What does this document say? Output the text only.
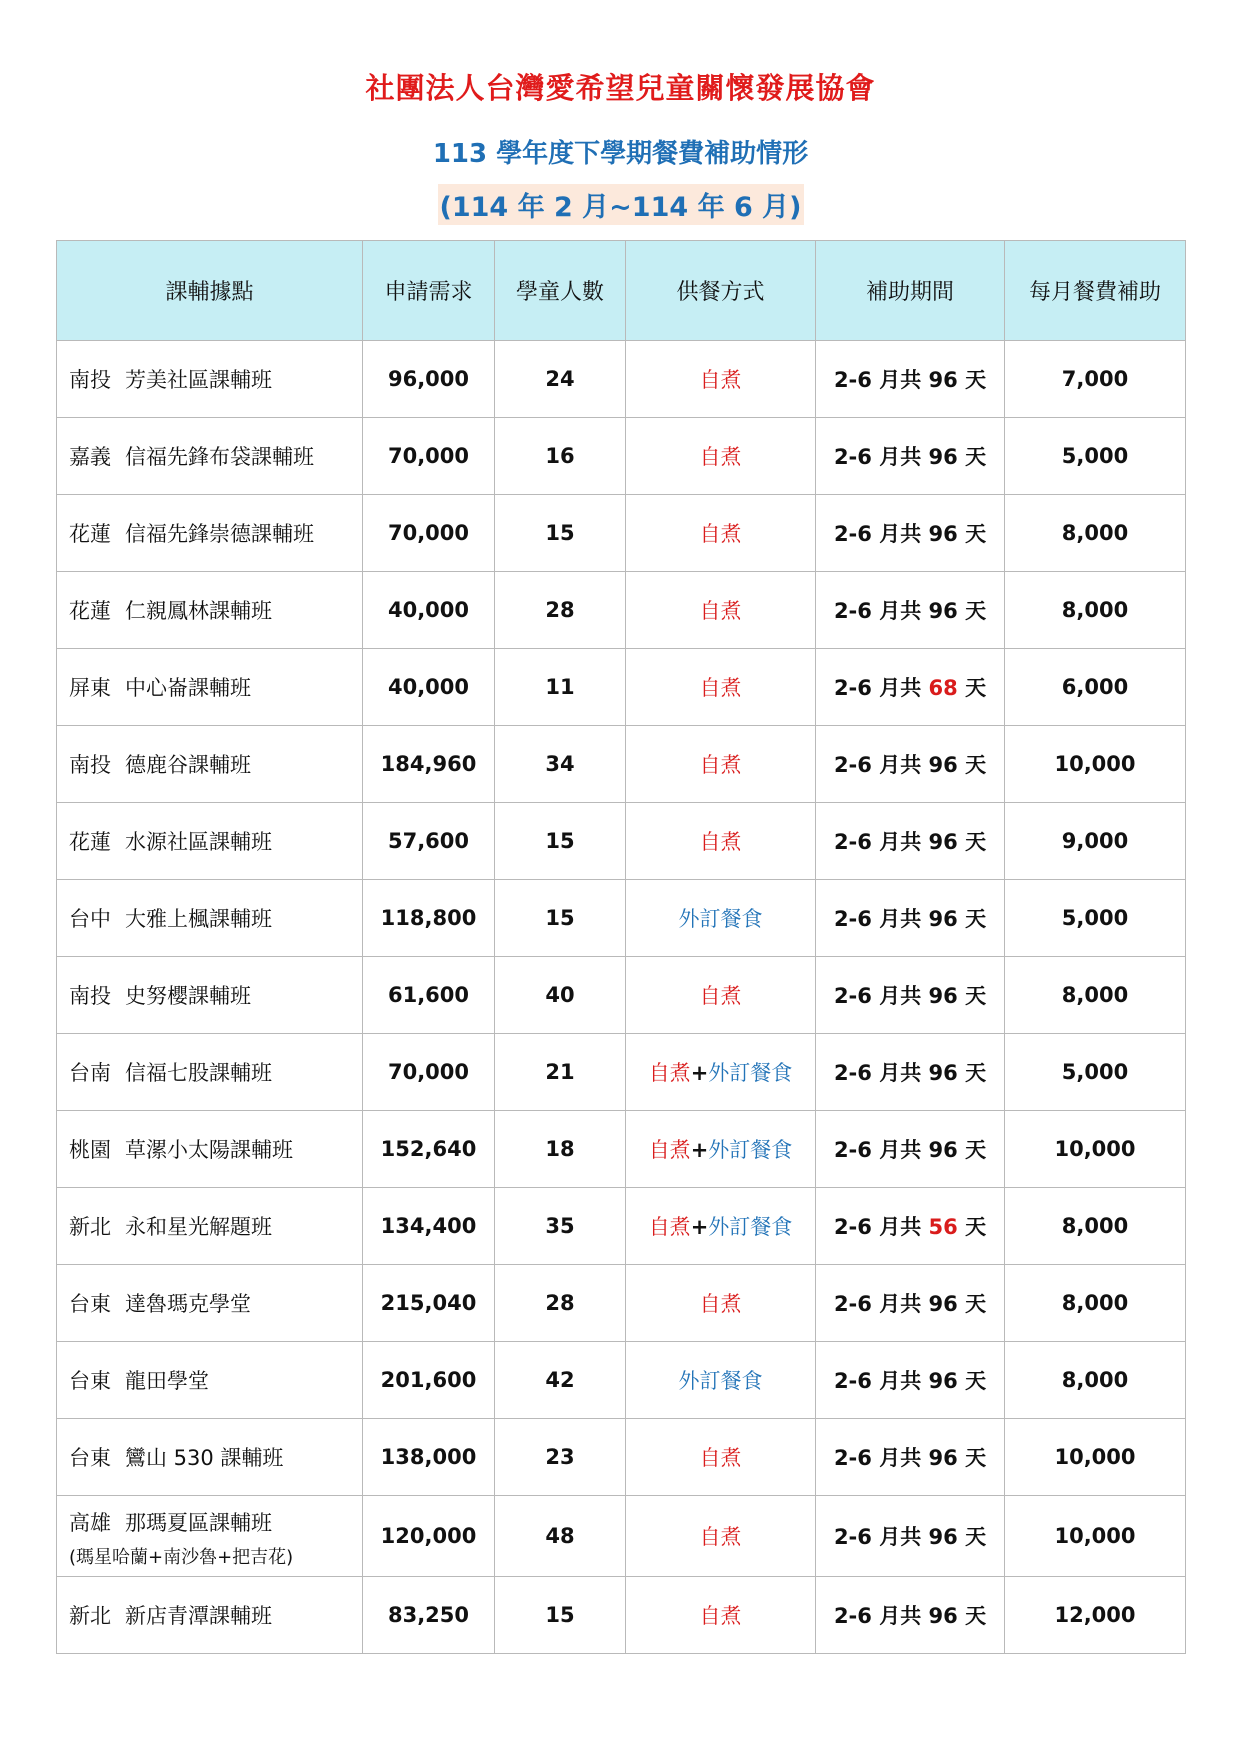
社團法人台灣愛希望兒童關懷發展協會
113 學年度下學期餐費補助情形
(114 年 2 月~114 年 6 月)
課輔據點	申請需求	學童人數	供餐方式	補助期間	每月餐費補助
南投 芳美社區課輔班	96,000	24	自煮	2-6 月共 96 天	7,000
嘉義 信福先鋒布袋課輔班	70,000	16	自煮	2-6 月共 96 天	5,000
花蓮 信福先鋒崇德課輔班	70,000	15	自煮	2-6 月共 96 天	8,000
花蓮 仁親鳳林課輔班	40,000	28	自煮	2-6 月共 96 天	8,000
屏東 中心崙課輔班	40,000	11	自煮	2-6 月共 68 天	6,000
南投 德鹿谷課輔班	184,960	34	自煮	2-6 月共 96 天	10,000
花蓮 水源社區課輔班	57,600	15	自煮	2-6 月共 96 天	9,000
台中 大雅上楓課輔班	118,800	15	外訂餐食	2-6 月共 96 天	5,000
南投 史努櫻課輔班	61,600	40	自煮	2-6 月共 96 天	8,000
台南 信福七股課輔班	70,000	21	自煮+外訂餐食	2-6 月共 96 天	5,000
桃園 草漯小太陽課輔班	152,640	18	自煮+外訂餐食	2-6 月共 96 天	10,000
新北 永和星光解題班	134,400	35	自煮+外訂餐食	2-6 月共 56 天	8,000
台東 達魯瑪克學堂	215,040	28	自煮	2-6 月共 96 天	8,000
台東 龍田學堂	201,600	42	外訂餐食	2-6 月共 96 天	8,000
台東 鸞山 530 課輔班	138,000	23	自煮	2-6 月共 96 天	10,000
高雄 那瑪夏區課輔班
(瑪星哈蘭+南沙魯+把吉花)	120,000	48	自煮	2-6 月共 96 天	10,000
新北 新店青潭課輔班	83,250	15	自煮	2-6 月共 96 天	12,000
